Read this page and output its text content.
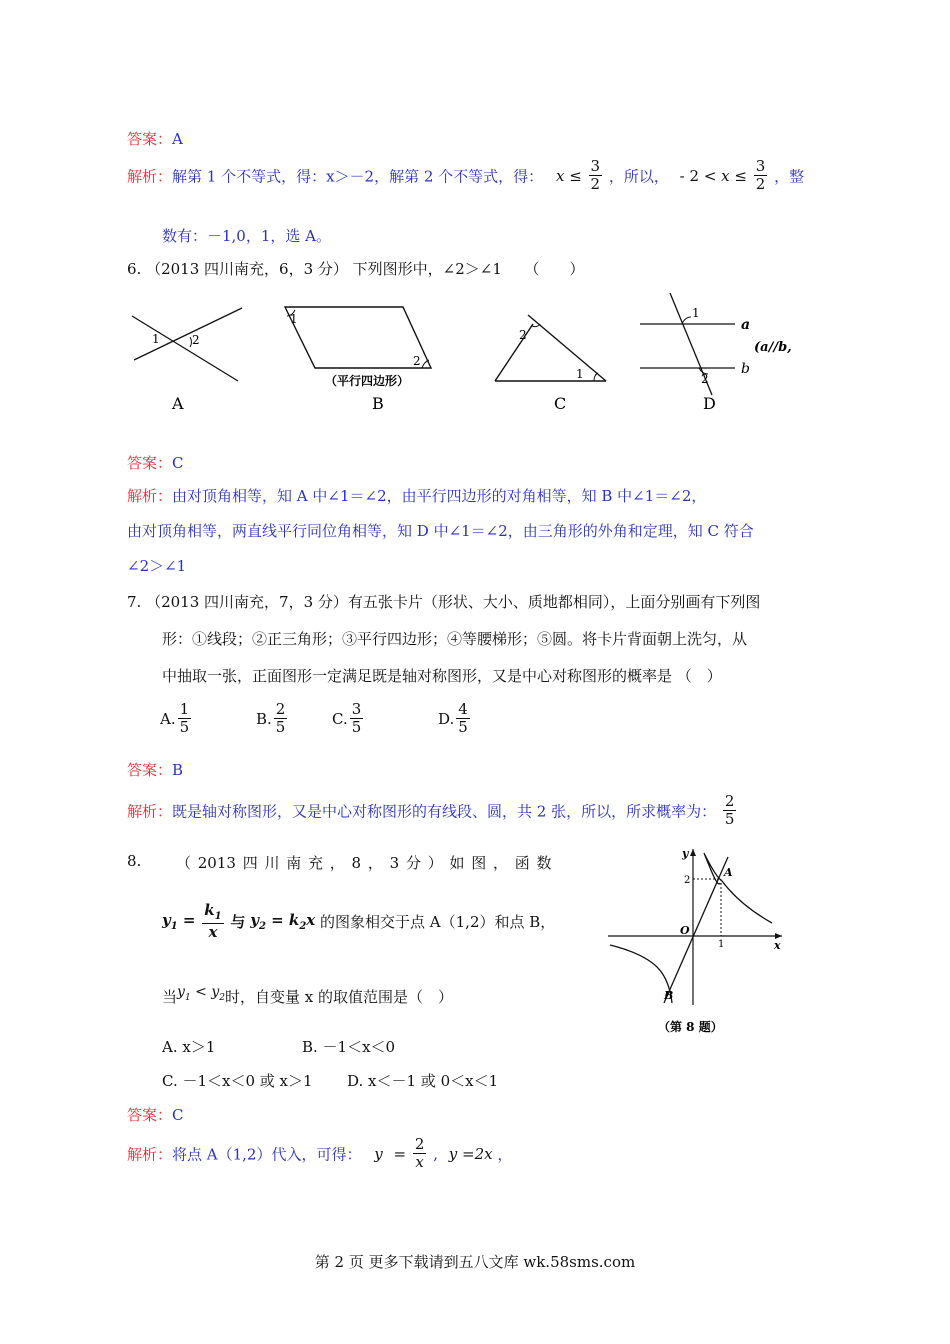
答案：A
解析：解第 1 个不等式，得：x＞－2，解第 2 个不等式，得： $x \le \frac{3}{2}$ ，所以， - $2 < x \le \frac{3}{2}$ ，整
数有：－1,0，1，选 A。
6. （2013 四川南充，6，3 分） 下列图形中，∠2＞∠1　　（　　）
1	2
A
1
2
（平行四边形）
B
2
1
C
1
2
a
b
(a//b,
D
答案：C
解析：由对顶角相等，知 A 中∠1＝∠2，由平行四边形的对角相等，知 B 中∠1＝∠2，
由对顶角相等，两直线平行同位角相等，知 D 中∠1＝∠2，由三角形的外角和定理，知 C 符合
∠2＞∠1
7. （2013 四川南充，7，3 分）有五张卡片（形状、大小、质地都相同），上面分别画有下列图
形：①线段；②正三角形；③平行四边形；④等腰梯形；⑤圆。将卡片背面朝上洗匀，从
中抽取一张，正面图形一定满足既是轴对称图形，又是中心对称图形的概率是 （　）
A. $\frac{1}{5}$	B. $\frac{2}{5}$	C. $\frac{3}{5}$	D. $\frac{4}{5}$
答案：B
解析：既是轴对称图形，又是中心对称图形的有线段、圆，共 2 张，所以，所求概率为： $\frac{2}{5}$
8. （ 2013 四 川 南 充 ， 8 ， 3 分 ） 如 图 ， 函 数
$y_1 = \frac{k_1}{x}$ 与 $y_2 = k_2x$ 的图象相交于点 A（1,2）和点 B，
当$y_1 < y_2$时，自变量 x 的取值范围是（　）
A. x＞1	B. －1＜x＜0
C. －1＜x＜0 或 x＞1 D. x＜－1 或 0＜x＜1
y
x
O
A
B
2
1
（第 8 题）
答案：C
解析：将点 A（1,2）代入，可得： $y = \frac{2}{x}$ , y =2x ，
第 2 页 更多下载请到五八文库 wk.58sms.com
